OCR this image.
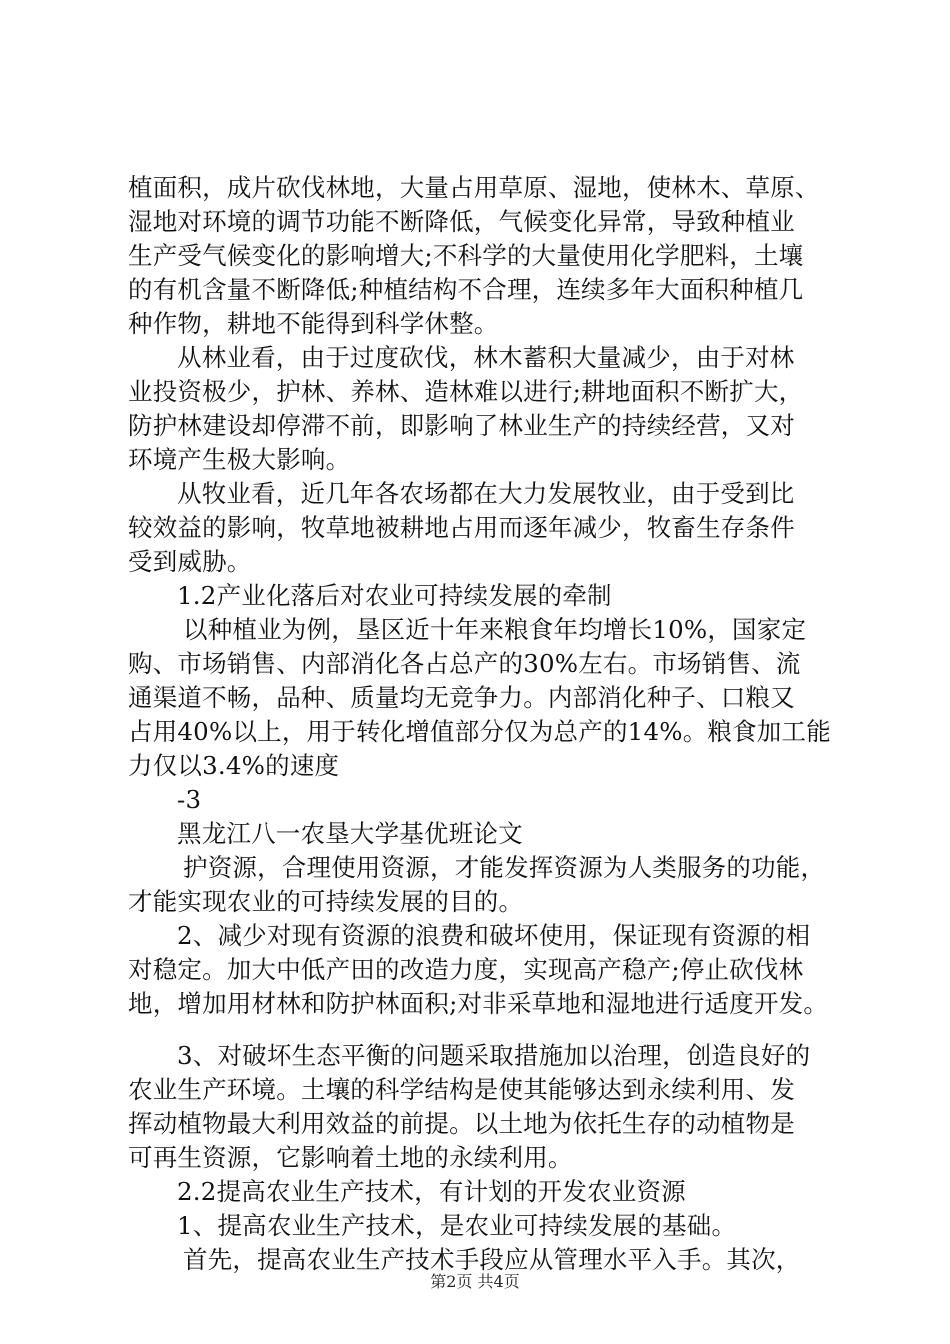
植面积，成片砍伐林地，大量占用草原、湿地，使林木、草原、
湿地对环境的调节功能不断降低，气候变化异常，导致种植业
生产受气候变化的影响增大;不科学的大量使用化学肥料，土壤
的有机含量不断降低;种植结构不合理，连续多年大面积种植几
种作物，耕地不能得到科学休整。
从林业看，由于过度砍伐，林木蓄积大量减少，由于对林
业投资极少，护林、养林、造林难以进行;耕地面积不断扩大，
防护林建设却停滞不前，即影响了林业生产的持续经营，又对
环境产生极大影响。
从牧业看，近几年各农场都在大力发展牧业，由于受到比
较效益的影响，牧草地被耕地占用而逐年减少，牧畜生存条件
受到威胁。
1.2产业化落后对农业可持续发展的牵制
以种植业为例，垦区近十年来粮食年均增长10%，国家定
购、市场销售、内部消化各占总产的30%左右。市场销售、流
通渠道不畅，品种、质量均无竞争力。内部消化种子、口粮又
占用40%以上，用于转化增值部分仅为总产的14%。粮食加工能
力仅以3.4%的速度
-3
黑龙江八一农垦大学基优班论文
护资源，合理使用资源，才能发挥资源为人类服务的功能，
才能实现农业的可持续发展的目的。
2、减少对现有资源的浪费和破坏使用，保证现有资源的相
对稳定。加大中低产田的改造力度，实现高产稳产;停止砍伐林
地，增加用材林和防护林面积;对非采草地和湿地进行适度开发。
3、对破坏生态平衡的问题采取措施加以治理，创造良好的
农业生产环境。土壤的科学结构是使其能够达到永续利用、发
挥动植物最大利用效益的前提。以土地为依托生存的动植物是
可再生资源，它影响着土地的永续利用。
2.2提高农业生产技术，有计划的开发农业资源
1、提高农业生产技术，是农业可持续发展的基础。
首先，提高农业生产技术手段应从管理水平入手。其次，
第2页 共4页
